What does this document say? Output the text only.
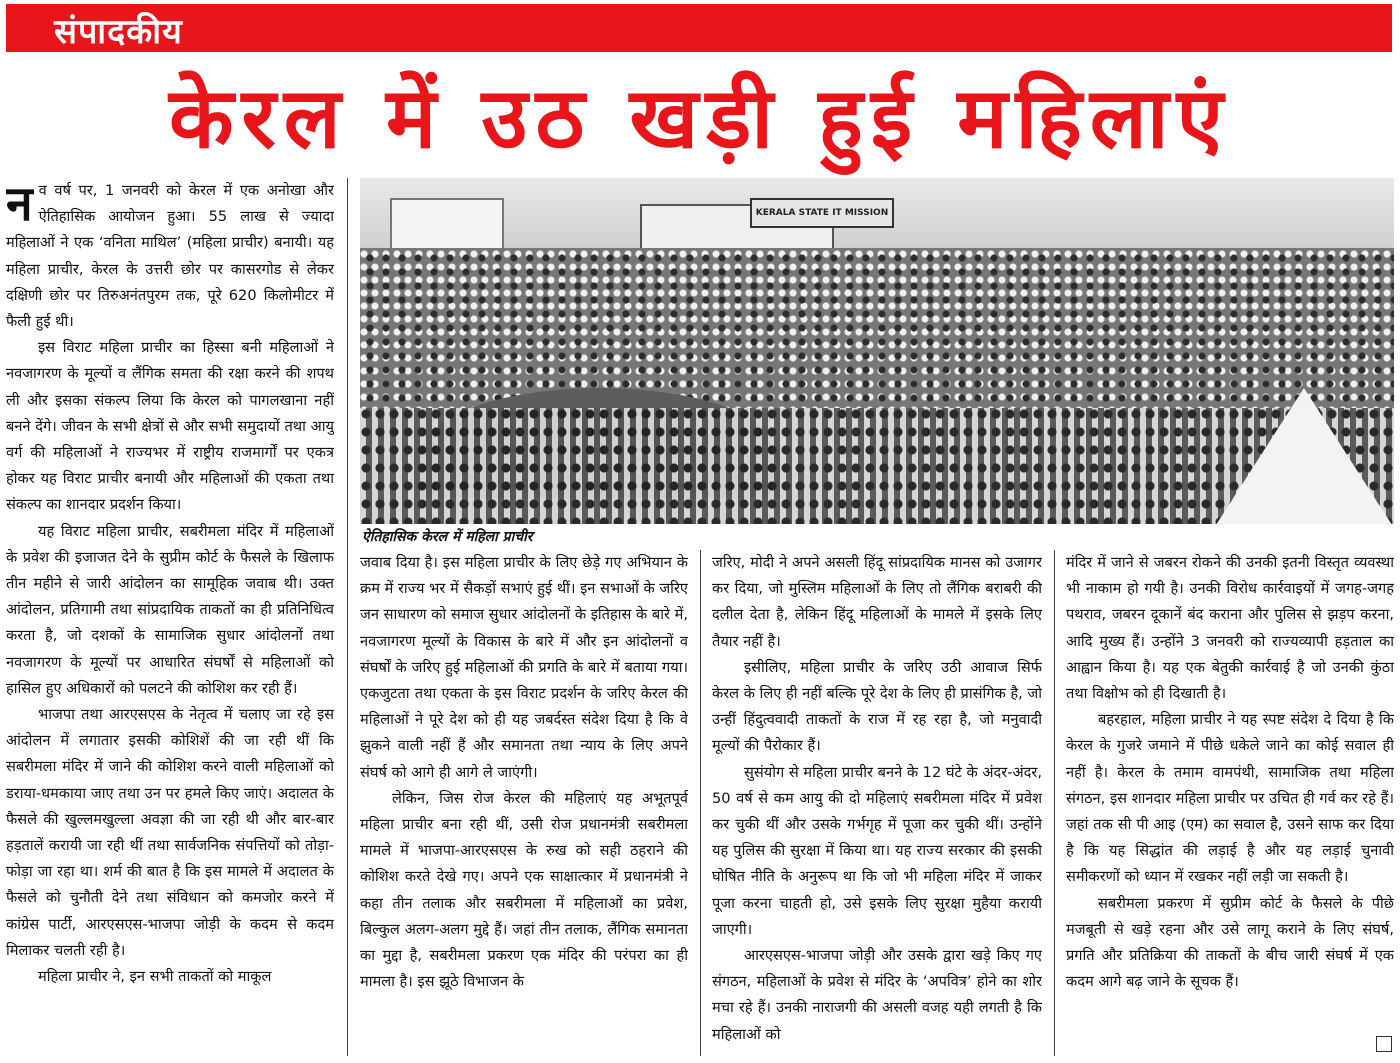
संपादकीय
केरल में उठ खड़ी हुई महिलाएं

नव वर्ष पर, 1 जनवरी को केरल में एक अनोखा और ऐतिहासिक आयोजन हुआ। 55 लाख से ज्यादा महिलाओं ने एक ‘वनिता माथिल’ (महिला प्राचीर) बनायी। यह महिला प्राचीर, केरल के उत्तरी छोर पर कासरगोड से लेकर दक्षिणी छोर पर तिरुअनंतपुरम तक, पूरे 620 किलोमीटर में फैली हुई थी।

इस विराट महिला प्राचीर का हिस्सा बनी महिलाओं ने नवजागरण के मूल्यों व लैंगिक समता की रक्षा करने की शपथ ली और इसका संकल्प लिया कि केरल को पागलखाना नहीं बनने देंगे। जीवन के सभी क्षेत्रों से और सभी समुदायों तथा आयु वर्ग की महिलाओं ने राज्यभर में राष्ट्रीय राजमार्गों पर एकत्र होकर यह विराट प्राचीर बनायी और महिलाओं की एकता तथा संकल्प का शानदार प्रदर्शन किया।

यह विराट महिला प्राचीर, सबरीमला मंदिर में महिलाओं के प्रवेश की इजाजत देने के सुप्रीम कोर्ट के फैसले के खिलाफ तीन महीने से जारी आंदोलन का सामूहिक जवाब थी। उक्त आंदोलन, प्रतिगामी तथा सांप्रदायिक ताकतों का ही प्रतिनिधित्व करता है, जो दशकों के सामाजिक सुधार आंदोलनों तथा नवजागरण के मूल्यों पर आधारित संघर्षों से महिलाओं को हासिल हुए अधिकारों को पलटने की कोशिश कर रही हैं।

भाजपा तथा आरएसएस के नेतृत्व में चलाए जा रहे इस आंदोलन में लगातार इसकी कोशिशें की जा रही थीं कि सबरीमला मंदिर में जाने की कोशिश करने वाली महिलाओं को डराया-धमकाया जाए तथा उन पर हमले किए जाएं। अदालत के फैसले की खुल्लमखुल्ला अवज्ञा की जा रही थी और बार-बार हड़तालें करायी जा रही थीं तथा सार्वजनिक संपत्तियों को तोड़ा-फोड़ा जा रहा था। शर्म की बात है कि इस मामले में अदालत के फैसले को चुनौती देने तथा संविधान को कमजोर करने में कांग्रेस पार्टी, आरएसएस-भाजपा जोड़ी के कदम से कदम मिलाकर चलती रही है।

महिला प्राचीर ने, इन सभी ताकतों को माकूल

KERALA STATE IT MISSION
ऐतिहासिक केरल में महिला प्राचीर

जवाब दिया है। इस महिला प्राचीर के लिए छेड़े गए अभियान के क्रम में राज्य भर में सैकड़ों सभाएं हुई थीं। इन सभाओं के जरिए जन साधारण को समाज सुधार आंदोलनों के इतिहास के बारे में, नवजागरण मूल्यों के विकास के बारे में और इन आंदोलनों व संघर्षों के जरिए हुई महिलाओं की प्रगति के बारे में बताया गया। एकजुटता तथा एकता के इस विराट प्रदर्शन के जरिए केरल की महिलाओं ने पूरे देश को ही यह जबर्दस्त संदेश दिया है कि वे झुकने वाली नहीं हैं और समानता तथा न्याय के लिए अपने संघर्ष को आगे ही आगे ले जाएंगी।

लेकिन, जिस रोज केरल की महिलाएं यह अभूतपूर्व महिला प्राचीर बना रही थीं, उसी रोज प्रधानमंत्री सबरीमला मामले में भाजपा-आरएसएस के रुख को सही ठहराने की कोशिश करते देखे गए। अपने एक साक्षात्कार में प्रधानमंत्री ने कहा तीन तलाक और सबरीमला में महिलाओं का प्रवेश, बिल्कुल अलग-अलग मुद्दे हैं। जहां तीन तलाक, लैंगिक समानता का मुद्दा है, सबरीमला प्रकरण एक मंदिर की परंपरा का ही मामला है। इस झूठे विभाजन के

जरिए, मोदी ने अपने असली हिंदू सांप्रदायिक मानस को उजागर कर दिया, जो मुस्लिम महिलाओं के लिए तो लैंगिक बराबरी की दलील देता है, लेकिन हिंदू महिलाओं के मामले में इसके लिए तैयार नहीं है।

इसीलिए, महिला प्राचीर के जरिए उठी आवाज सिर्फ केरल के लिए ही नहीं बल्कि पूरे देश के लिए ही प्रासंगिक है, जो उन्हीं हिंदुत्ववादी ताकतों के राज में रह रहा है, जो मनुवादी मूल्यों की पैरोकार हैं।

सुसंयोग से महिला प्राचीर बनने के 12 घंटे के अंदर-अंदर, 50 वर्ष से कम आयु की दो महिलाएं सबरीमला मंदिर में प्रवेश कर चुकी थीं और उसके गर्भगृह में पूजा कर चुकी थीं। उन्होंने यह पुलिस की सुरक्षा में किया था। यह राज्य सरकार की इसकी घोषित नीति के अनुरूप था कि जो भी महिला मंदिर में जाकर पूजा करना चाहती हो, उसे इसके लिए सुरक्षा मुहैया करायी जाएगी।

आरएसएस-भाजपा जोड़ी और उसके द्वारा खड़े किए गए संगठन, महिलाओं के प्रवेश से मंदिर के ‘अपवित्र’ होने का शोर मचा रहे हैं। उनकी नाराजगी की असली वजह यही लगती है कि महिलाओं को

मंदिर में जाने से जबरन रोकने की उनकी इतनी विस्तृत व्यवस्था भी नाकाम हो गयी है। उनकी विरोध कार्रवाइयों में जगह-जगह पथराव, जबरन दूकानें बंद कराना और पुलिस से झड़प करना, आदि मुख्य हैं। उन्होंने 3 जनवरी को राज्यव्यापी हड़ताल का आह्वान किया है। यह एक बेतुकी कार्रवाई है जो उनकी कुंठा तथा विक्षोभ को ही दिखाती है।

बहरहाल, महिला प्राचीर ने यह स्पष्ट संदेश दे दिया है कि केरल के गुजरे जमाने में पीछे धकेले जाने का कोई सवाल ही नहीं है। केरल के तमाम वामपंथी, सामाजिक तथा महिला संगठन, इस शानदार महिला प्राचीर पर उचित ही गर्व कर रहे हैं। जहां तक सी पी आइ (एम) का सवाल है, उसने साफ कर दिया है कि यह सिद्धांत की लड़ाई है और यह लड़ाई चुनावी समीकरणों को ध्यान में रखकर नहीं लड़ी जा सकती है।

सबरीमला प्रकरण में सुप्रीम कोर्ट के फैसले के पीछे मजबूती से खड़े रहना और उसे लागू कराने के लिए संघर्ष, प्रगति और प्रतिक्रिया की ताकतों के बीच जारी संघर्ष में एक कदम आगे बढ़ जाने के सूचक हैं।
